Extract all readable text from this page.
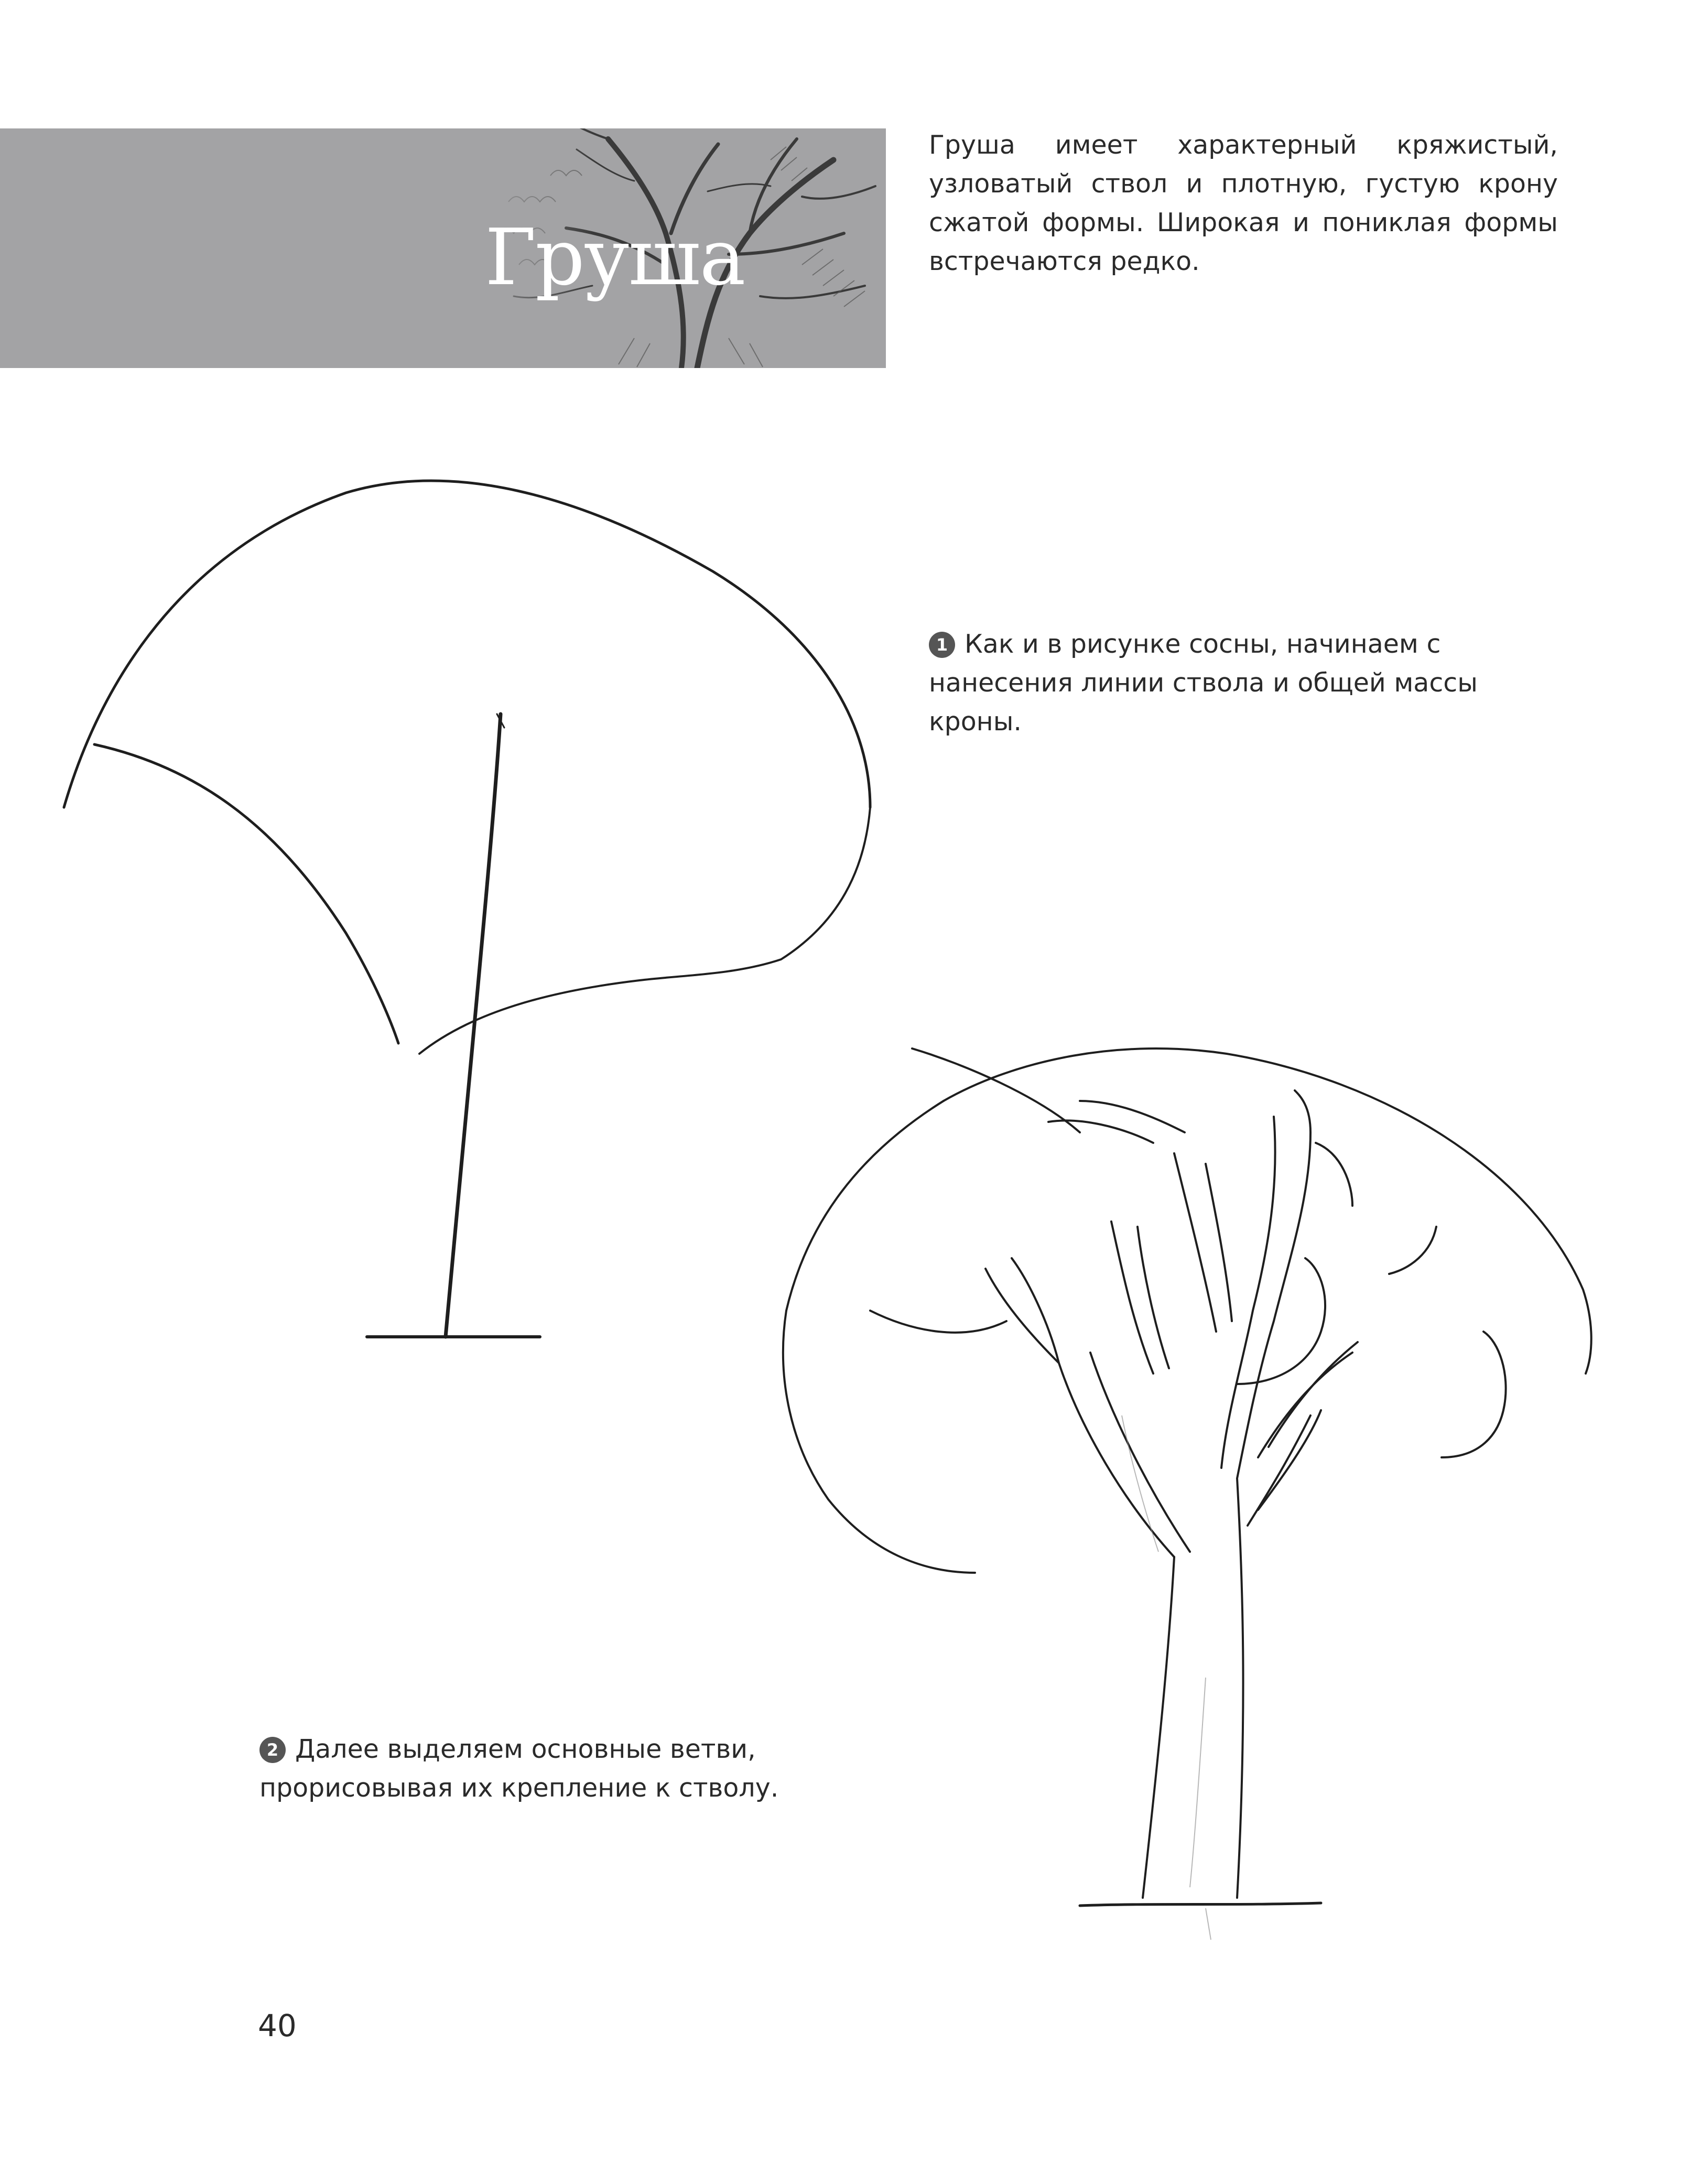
Груша
Груша имеет характерный кряжистый, узловатый ствол и плотную, густую крону сжатой формы. Широкая и пониклая формы встречаются редко.
1 Как и в рисунке сосны, начинаем с нанесения линии ствола и общей массы кроны.
2 Далее выделяем основные ветви, прорисовывая их крепление к стволу.
40
